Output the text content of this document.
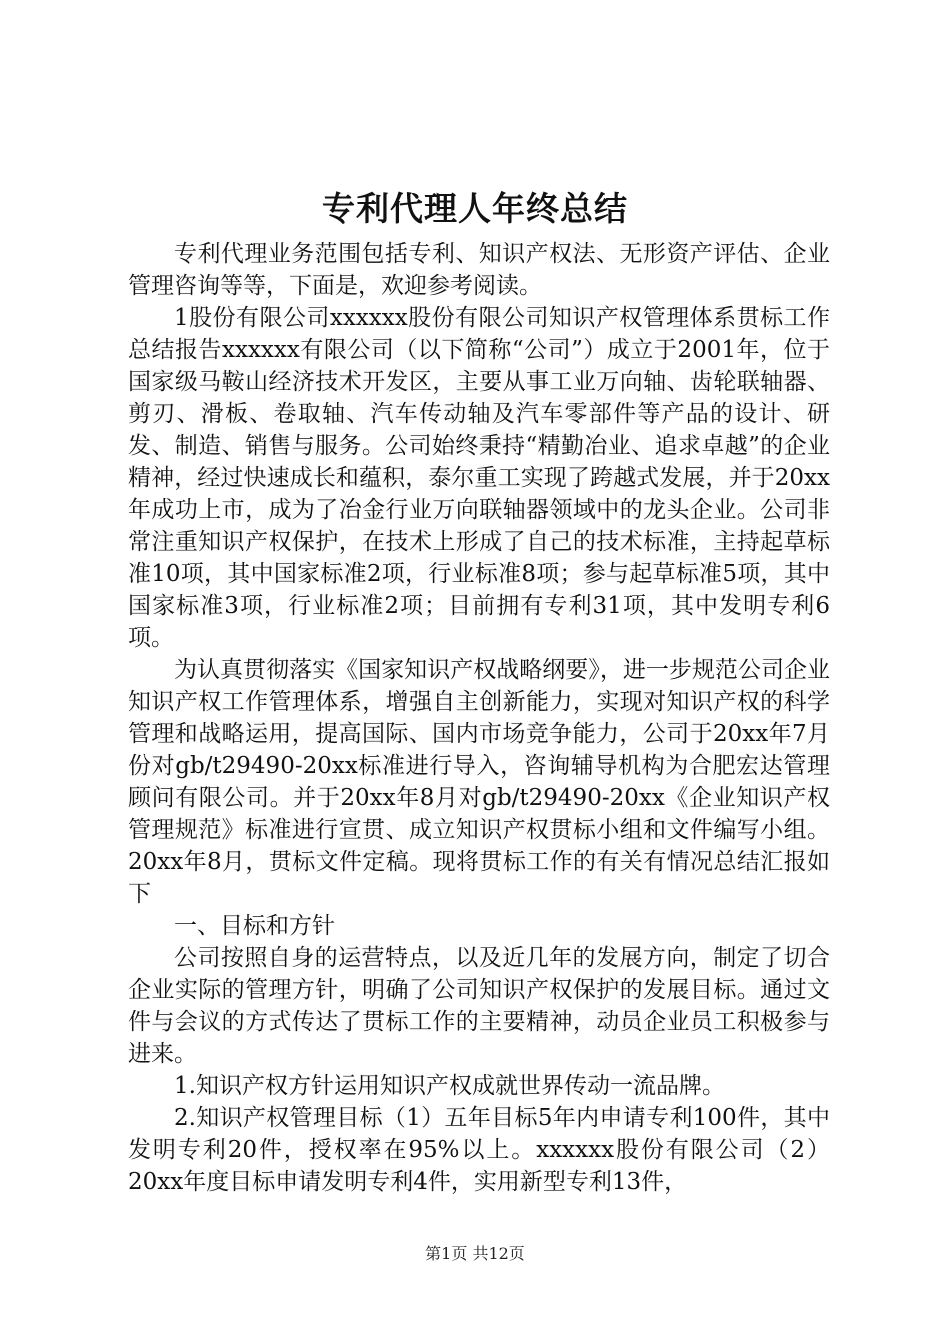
专利代理人年终总结

专利代理业务范围包括专利、知识产权法、无形资产评估、企业管理咨询等等，下面是，欢迎参考阅读。

1股份有限公司xxxxxx股份有限公司知识产权管理体系贯标工作总结报告xxxxxx有限公司（以下简称“公司”）成立于2001年，位于国家级马鞍山经济技术开发区，主要从事工业万向轴、齿轮联轴器、剪刃、滑板、卷取轴、汽车传动轴及汽车零部件等产品的设计、研发、制造、销售与服务。公司始终秉持“精勤冶业、追求卓越”的企业精神，经过快速成长和蕴积，泰尔重工实现了跨越式发展，并于20xx年成功上市，成为了冶金行业万向联轴器领域中的龙头企业。公司非常注重知识产权保护，在技术上形成了自己的技术标准，主持起草标准10项，其中国家标准2项，行业标准8项；参与起草标准5项，其中国家标准3项，行业标准2项；目前拥有专利31项，其中发明专利6项。

为认真贯彻落实《国家知识产权战略纲要》，进一步规范公司企业知识产权工作管理体系，增强自主创新能力，实现对知识产权的科学管理和战略运用，提高国际、国内市场竞争能力，公司于20xx年7月份对gb/t29490-20xx标准进行导入，咨询辅导机构为合肥宏达管理顾问有限公司。并于20xx年8月对gb/t29490-20xx《企业知识产权管理规范》标准进行宣贯、成立知识产权贯标小组和文件编写小组。20xx年8月，贯标文件定稿。现将贯标工作的有关有情况总结汇报如下

一、目标和方针

公司按照自身的运营特点，以及近几年的发展方向，制定了切合企业实际的管理方针，明确了公司知识产权保护的发展目标。通过文件与会议的方式传达了贯标工作的主要精神，动员企业员工积极参与进来。

1.知识产权方针运用知识产权成就世界传动一流品牌。

2.知识产权管理目标（1）五年目标5年内申请专利100件，其中发明专利20件，授权率在95%以上。xxxxxx股份有限公司（2）20xx年度目标申请发明专利4件，实用新型专利13件，

第1页 共12页
